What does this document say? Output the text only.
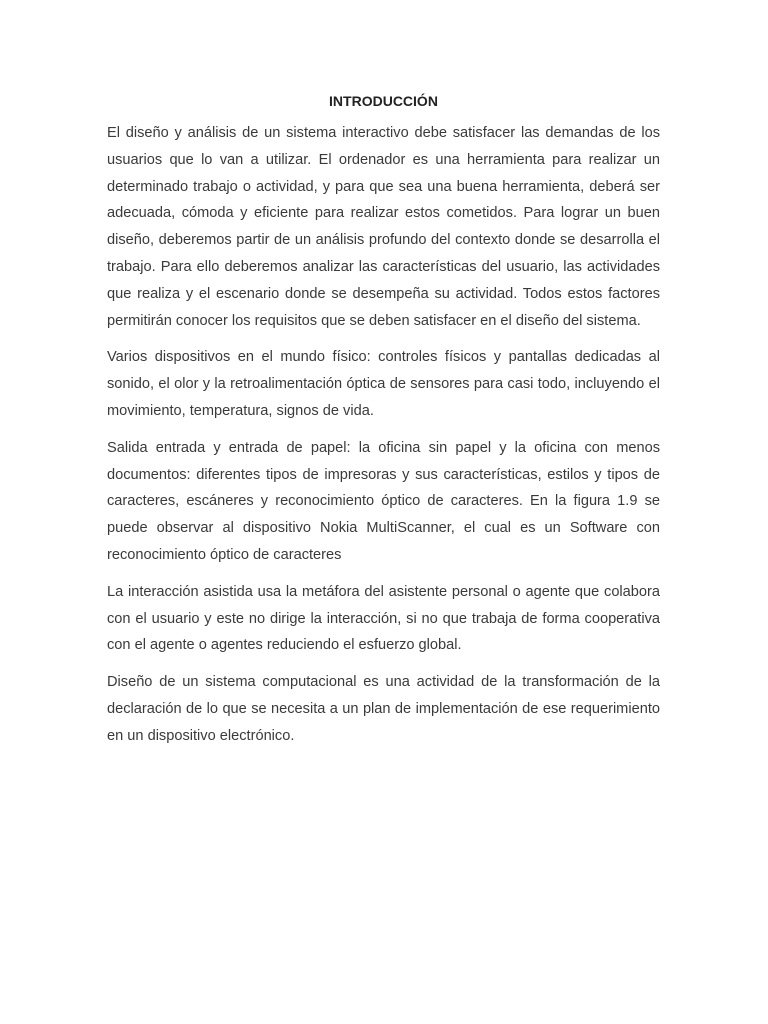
INTRODUCCIÓN

El diseño y análisis de un sistema interactivo debe satisfacer las demandas de los usuarios que lo van a utilizar. El ordenador es una herramienta para realizar un determinado trabajo o actividad, y para que sea una buena herramienta, deberá ser adecuada, cómoda y eficiente para realizar estos cometidos. Para lograr un buen diseño, deberemos partir de un análisis profundo del contexto donde se desarrolla el trabajo. Para ello deberemos analizar las características del usuario, las actividades que realiza y el escenario donde se desempeña su actividad. Todos estos factores permitirán conocer los requisitos que se deben satisfacer en el diseño del sistema.

Varios dispositivos en el mundo físico: controles físicos y pantallas dedicadas al sonido, el olor y la retroalimentación óptica de sensores para casi todo, incluyendo el movimiento, temperatura, signos de vida.

Salida entrada y entrada de papel: la oficina sin papel y la oficina con menos documentos: diferentes tipos de impresoras y sus características, estilos y tipos de caracteres, escáneres y reconocimiento óptico de caracteres. En la figura 1.9 se puede observar al dispositivo Nokia MultiScanner, el cual es un Software con reconocimiento óptico de caracteres

La interacción asistida usa la metáfora del asistente personal o agente que colabora con el usuario y este no dirige la interacción, si no que trabaja de forma cooperativa con el agente o agentes reduciendo el esfuerzo global.

Diseño de un sistema computacional es una actividad de la transformación de la declaración de lo que se necesita a un plan de implementación de ese requerimiento en un dispositivo electrónico.
